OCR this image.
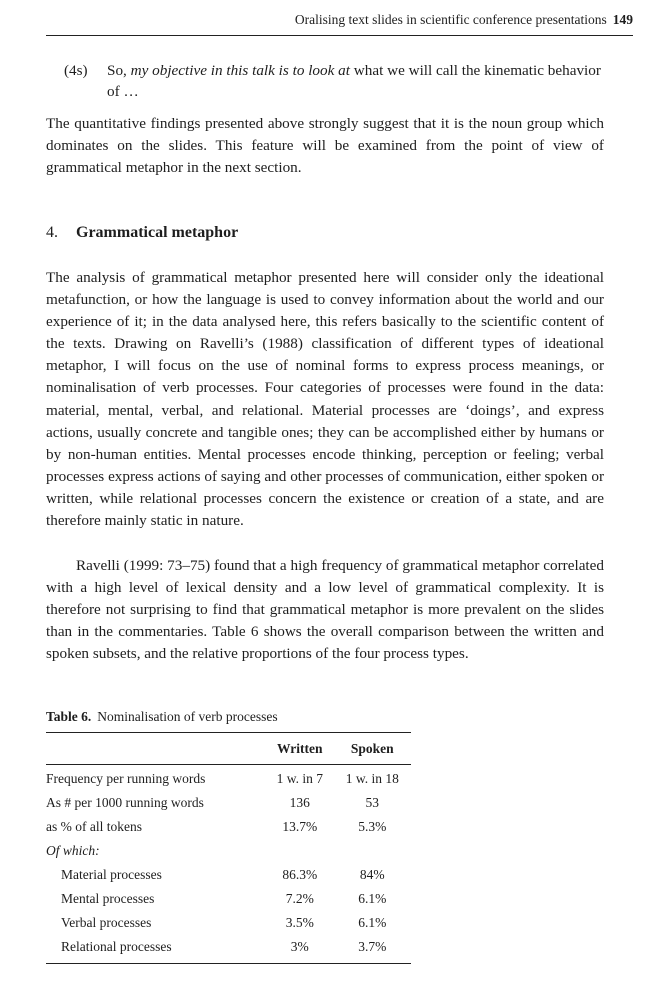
Oralising text slides in scientific conference presentations 149
(4s) So, my objective in this talk is to look at what we will call the kinematic behavior of …

The quantitative findings presented above strongly suggest that it is the noun group which dominates on the slides. This feature will be examined from the point of view of grammatical metaphor in the next section.

4. Grammatical metaphor

The analysis of grammatical metaphor presented here will consider only the ideational metafunction, or how the language is used to convey information about the world and our experience of it; in the data analysed here, this refers basically to the scientific content of the texts. Drawing on Ravelli’s (1988) classification of different types of ideational metaphor, I will focus on the use of nominal forms to express process meanings, or nominalisation of verb processes. Four categories of processes were found in the data: material, mental, verbal, and relational. Material processes are ‘doings’, and express actions, usually concrete and tangible ones; they can be accomplished either by humans or by non-human entities. Mental processes encode thinking, perception or feeling; verbal processes express actions of saying and other processes of communication, either spoken or written, while relational processes concern the existence or creation of a state, and are therefore mainly static in nature.

Ravelli (1999: 73–75) found that a high frequency of grammatical metaphor correlated with a high level of lexical density and a low level of grammatical complexity. It is therefore not surprising to find that grammatical metaphor is more prevalent on the slides than in the commentaries. Table 6 shows the overall comparison between the written and spoken subsets, and the relative proportions of the four process types.

Table 6. Nominalisation of verb processes
	Written	Spoken
Frequency per running words	1 w. in 7	1 w. in 18
As # per 1000 running words	136	53
as % of all tokens	13.7%	5.3%
Of which:		
Material processes	86.3%	84%
Mental processes	7.2%	6.1%
Verbal processes	3.5%	6.1%
Relational processes	3%	3.7%
